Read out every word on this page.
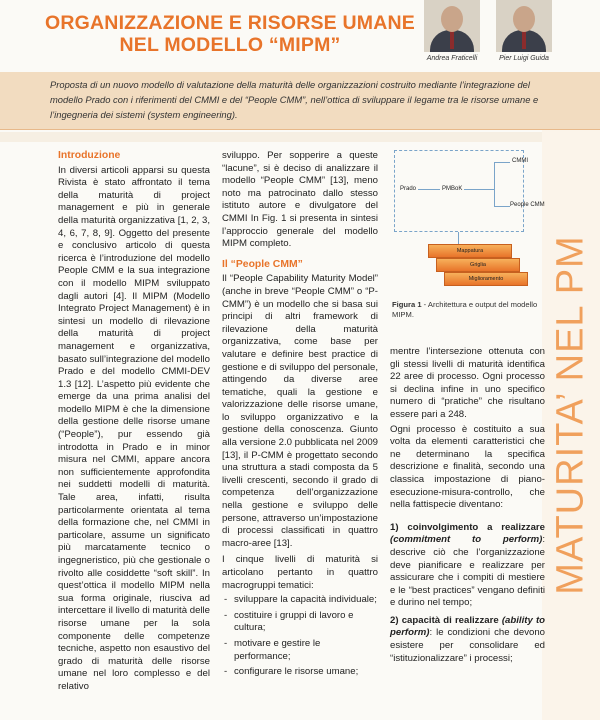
ORGANIZZAZIONE E RISORSE UMANE
NEL MODELLO “MIPM”
Andrea Fraticelli	Pier Luigi Guida

Proposta di un nuovo modello di valutazione della maturità delle organizzazioni costruito mediante l’integrazione del modello Prado con i riferimenti del CMMI e del “People CMM”, nell’ottica di sviluppare il legame tra le risorse umane e l’ingegneria dei sistemi (system engineering).

MATURITA’ NEL PM
Introduzione

In diversi articoli apparsi su questa Rivista è stato affrontato il tema della maturità di project management e più in generale della maturità organizzativa [1, 2, 3, 4, 6, 7, 8, 9]. Oggetto del presente e conclusivo articolo di questa ricerca è l’introduzione del modello People CMM e la sua integrazione con il modello MIPM sviluppato dagli autori [4]. Il MIPM (Modello Integrato Project Management) è in sintesi un modello di rilevazione della maturità di project management e organizzativa, basato sull’integrazione del modello Prado e del modello CMMI-DEV 1.3 [12]. L’aspetto più evidente che emerge da una prima analisi del modello MIPM è che la dimensione della gestione delle risorse umane (“People”), pur essendo già introdotta in Prado e in minor misura nel CMMI, appare ancora non sufficientemente approfondita nei suddetti modelli di maturità. Tale area, infatti, risulta particolarmente orientata al tema della formazione che, nel CMMI in particolare, assume un significato più marcatamente tecnico o ingegneristico, più che gestionale o rivolto alle cosiddette “soft skill”. In quest’ottica il modello MIPM nella sua forma originale, riusciva ad intercettare il livello di maturità delle risorse umane per la sola componente delle competenze tecniche, aspetto non esaustivo del grado di maturità delle risorse umane nel loro complesso e del relativo

sviluppo. Per sopperire a queste “lacune”, si è deciso di analizzare il modello “People CMM” [13], meno noto ma patrocinato dallo stesso istituto autore e divulgatore del CMMI In Fig. 1 si presenta in sintesi l’approccio generale del modello MIPM completo.

Il “People CMM”

Il “People Capability Maturity Model” (anche in breve “People CMM” o “P-CMM”) è un modello che si basa sui principi di altri framework di rilevazione della maturità organizzativa, come base per valutare e definire best practice di gestione e di sviluppo del personale, attingendo da diverse aree tematiche, quali la gestione e valorizzazione delle risorse umane, lo sviluppo organizzativo e la gestione della conoscenza. Giunto alla versione 2.0 pubblicata nel 2009 [13], il P-CMM è progettato secondo una struttura a stadi composta da 5 livelli crescenti, secondo il grado di competenza dell’organizzazione nella gestione e sviluppo delle persone, attraverso un’impostazione di processi classificati in quattro macro-aree [13].

I cinque livelli di maturità si articolano pertanto in quattro macrogruppi tematici:

- sviluppare la capacità individuale;
- costituire i gruppi di lavoro e cultura;
- motivare e gestire le performance;
- configurare le risorse umane;
Prado	PMBoK
CMMI
People CMM
Mappatura
Griglia
Miglioramento
Figura 1 - Architettura e output del modello MIPM.

mentre l’intersezione ottenuta con gli stessi livelli di maturità identifica 22 aree di processo. Ogni processo si declina infine in uno specifico numero di “pratiche” che risultano essere pari a 248.

Ogni processo è costituito a sua volta da elementi caratteristici che ne determinano la specifica descrizione e finalità, secondo una classica impostazione di piano-esecuzione-misura-controllo, che nella fattispecie diventano:

1) coinvolgimento a realizzare (commitment to perform): descrive ciò che l’organizzazione deve pianificare e realizzare per assicurare che i compiti di mestiere e le “best practices” vengano definiti e durino nel tempo;

2) capacità di realizzare (ability to perform): le condizioni che devono esistere per consolidare ed “istituzionalizzare” i processi;
